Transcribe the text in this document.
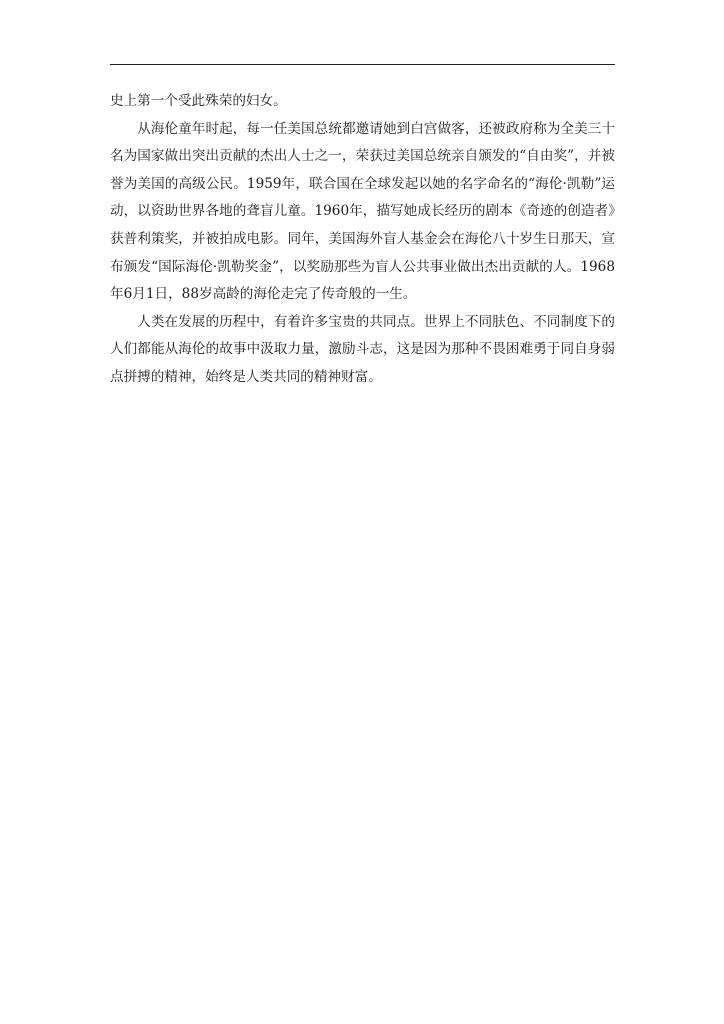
史上第一个受此殊荣的妇女。

从海伦童年时起，每一任美国总统都邀请她到白宫做客，还被政府称为全美三十名为国家做出突出贡献的杰出人士之一，荣获过美国总统亲自颁发的“自由奖”，并被誉为美国的高级公民。1959年，联合国在全球发起以她的名字命名的“海伦·凯勒”运动，以资助世界各地的聋盲儿童。1960年，描写她成长经历的剧本《奇迹的创造者》获普利策奖，并被拍成电影。同年，美国海外盲人基金会在海伦八十岁生日那天，宣布颁发“国际海伦·凯勒奖金”，以奖励那些为盲人公共事业做出杰出贡献的人。1968年6月1日，88岁高龄的海伦走完了传奇般的一生。

人类在发展的历程中，有着许多宝贵的共同点。世界上不同肤色、不同制度下的人们都能从海伦的故事中汲取力量，激励斗志，这是因为那种不畏困难勇于同自身弱点拼搏的精神，始终是人类共同的精神财富。
